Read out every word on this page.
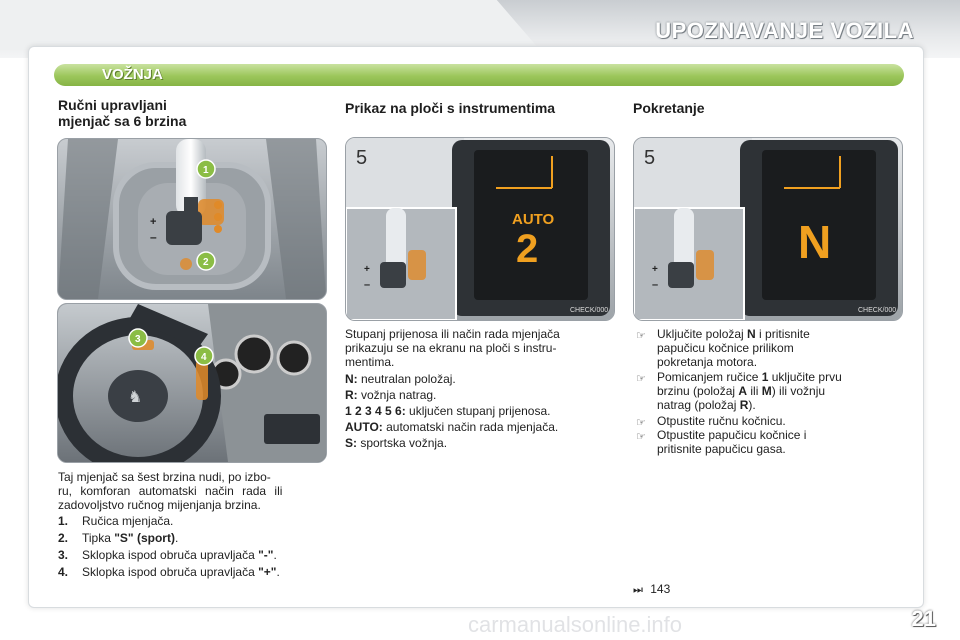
UPOZNAVANJE VOZILA
VOŽNJA
Ručni upravljani
mjenjač sa 6 brzina
+
–
1
2
♞
3
4
Taj mjenjač sa šest brzina nudi, po izbo-
ru, komforan automatski način rada ili
zadovoljstvo ručnog mijenjanja brzina.
1. Ručica mjenjača.
2. Tipka "S" (sport).
3. Sklopka ispod obruča upravljača "-".
4. Sklopka ispod obruča upravljača "+".
Prikaz na ploči s instrumentima
5
AUTO
2
CHECK/000
+
–
Stupanj prijenosa ili način rada mjenjača
prikazuju se na ekranu na ploči s instru-
mentima.
N: neutralan položaj.
R: vožnja natrag.
1 2 3 4 5 6: uključen stupanj prijenosa.
AUTO: automatski način rada mjenjača.
S: sportska vožnja.
Pokretanje
5
N
CHECK/000
+
–
☞ Uključite položaj N i pritisnite
papučicu kočnice prilikom
pokretanja motora.
☞ Pomicanjem ručice 1 uključite prvu
brzinu (položaj A ili M) ili vožnju
natrag (položaj R).
☞ Otpustite ručnu kočnicu.
☞ Otpustite papučicu kočnice i
pritisnite papučicu gasa.
⏭ 143
21
carmanualsonline.info
